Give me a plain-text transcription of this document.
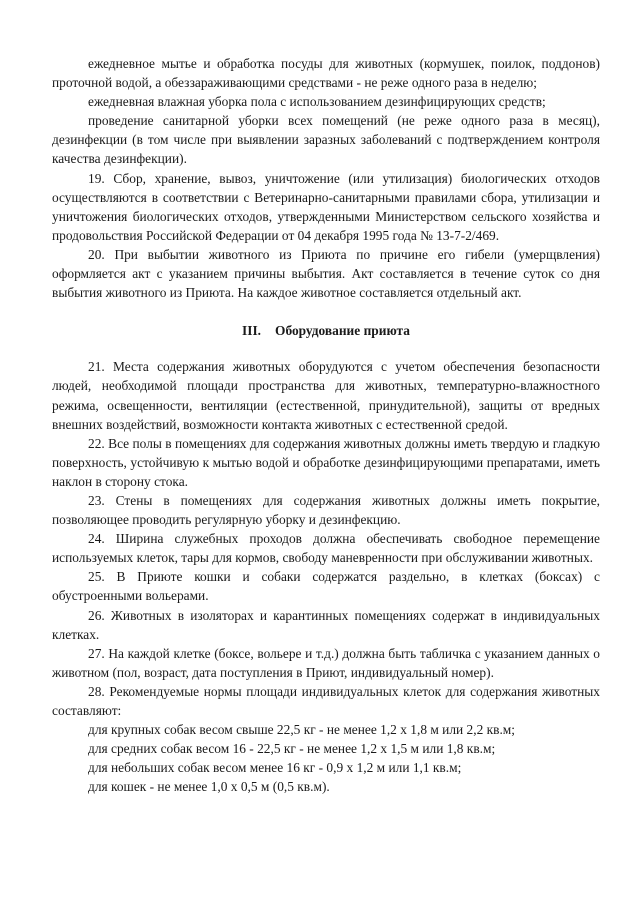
ежедневное мытье и обработка посуды для животных (кормушек, поилок, поддонов) проточной водой, а обеззараживающими средствами - не реже одного раза в неделю;

ежедневная влажная уборка пола с использованием дезинфицирующих средств;

проведение санитарной уборки всех помещений (не реже одного раза в месяц), дезинфекции (в том числе при выявлении заразных заболеваний с подтверждением контроля качества дезинфекции).

19. Сбор, хранение, вывоз, уничтожение (или утилизация) биологических отходов осуществляются в соответствии с Ветеринарно-санитарными правилами сбора, утилизации и уничтожения биологических отходов, утвержденными Министерством сельского хозяйства и продовольствия Российской Федерации от 04 декабря 1995 года № 13-7-2/469.

20. При выбытии животного из Приюта по причине его гибели (умерщвления) оформляется акт с указанием причины выбытия. Акт составляется в течение суток со дня выбытия животного из Приюта. На каждое животное составляется отдельный акт.

III. Оборудование приюта

21. Места содержания животных оборудуются с учетом обеспечения безопасности людей, необходимой площади пространства для животных, температурно-влажностного режима, освещенности, вентиляции (естественной, принудительной), защиты от вредных внешних воздействий, возможности контакта животных с естественной средой.

22. Все полы в помещениях для содержания животных должны иметь твердую и гладкую поверхность, устойчивую к мытью водой и обработке дезинфицирующими препаратами, иметь наклон в сторону стока.

23. Стены в помещениях для содержания животных должны иметь покрытие, позволяющее проводить регулярную уборку и дезинфекцию.

24. Ширина служебных проходов должна обеспечивать свободное перемещение используемых клеток, тары для кормов, свободу маневренности при обслуживании животных.

25. В Приюте кошки и собаки содержатся раздельно, в клетках (боксах) с обустроенными вольерами.

26. Животных в изоляторах и карантинных помещениях содержат в индивидуальных клетках.

27. На каждой клетке (боксе, вольере и т.д.) должна быть табличка с указанием данных о животном (пол, возраст, дата поступления в Приют, индивидуальный номер).

28. Рекомендуемые нормы площади индивидуальных клеток для содержания животных составляют:

для крупных собак весом свыше 22,5 кг - не менее 1,2 х 1,8 м или 2,2 кв.м;
для средних собак весом 16 - 22,5 кг - не менее 1,2 х 1,5 м или 1,8 кв.м;
для небольших собак весом менее 16 кг - 0,9 х 1,2 м или 1,1 кв.м;
для кошек - не менее 1,0 х 0,5 м (0,5 кв.м).
